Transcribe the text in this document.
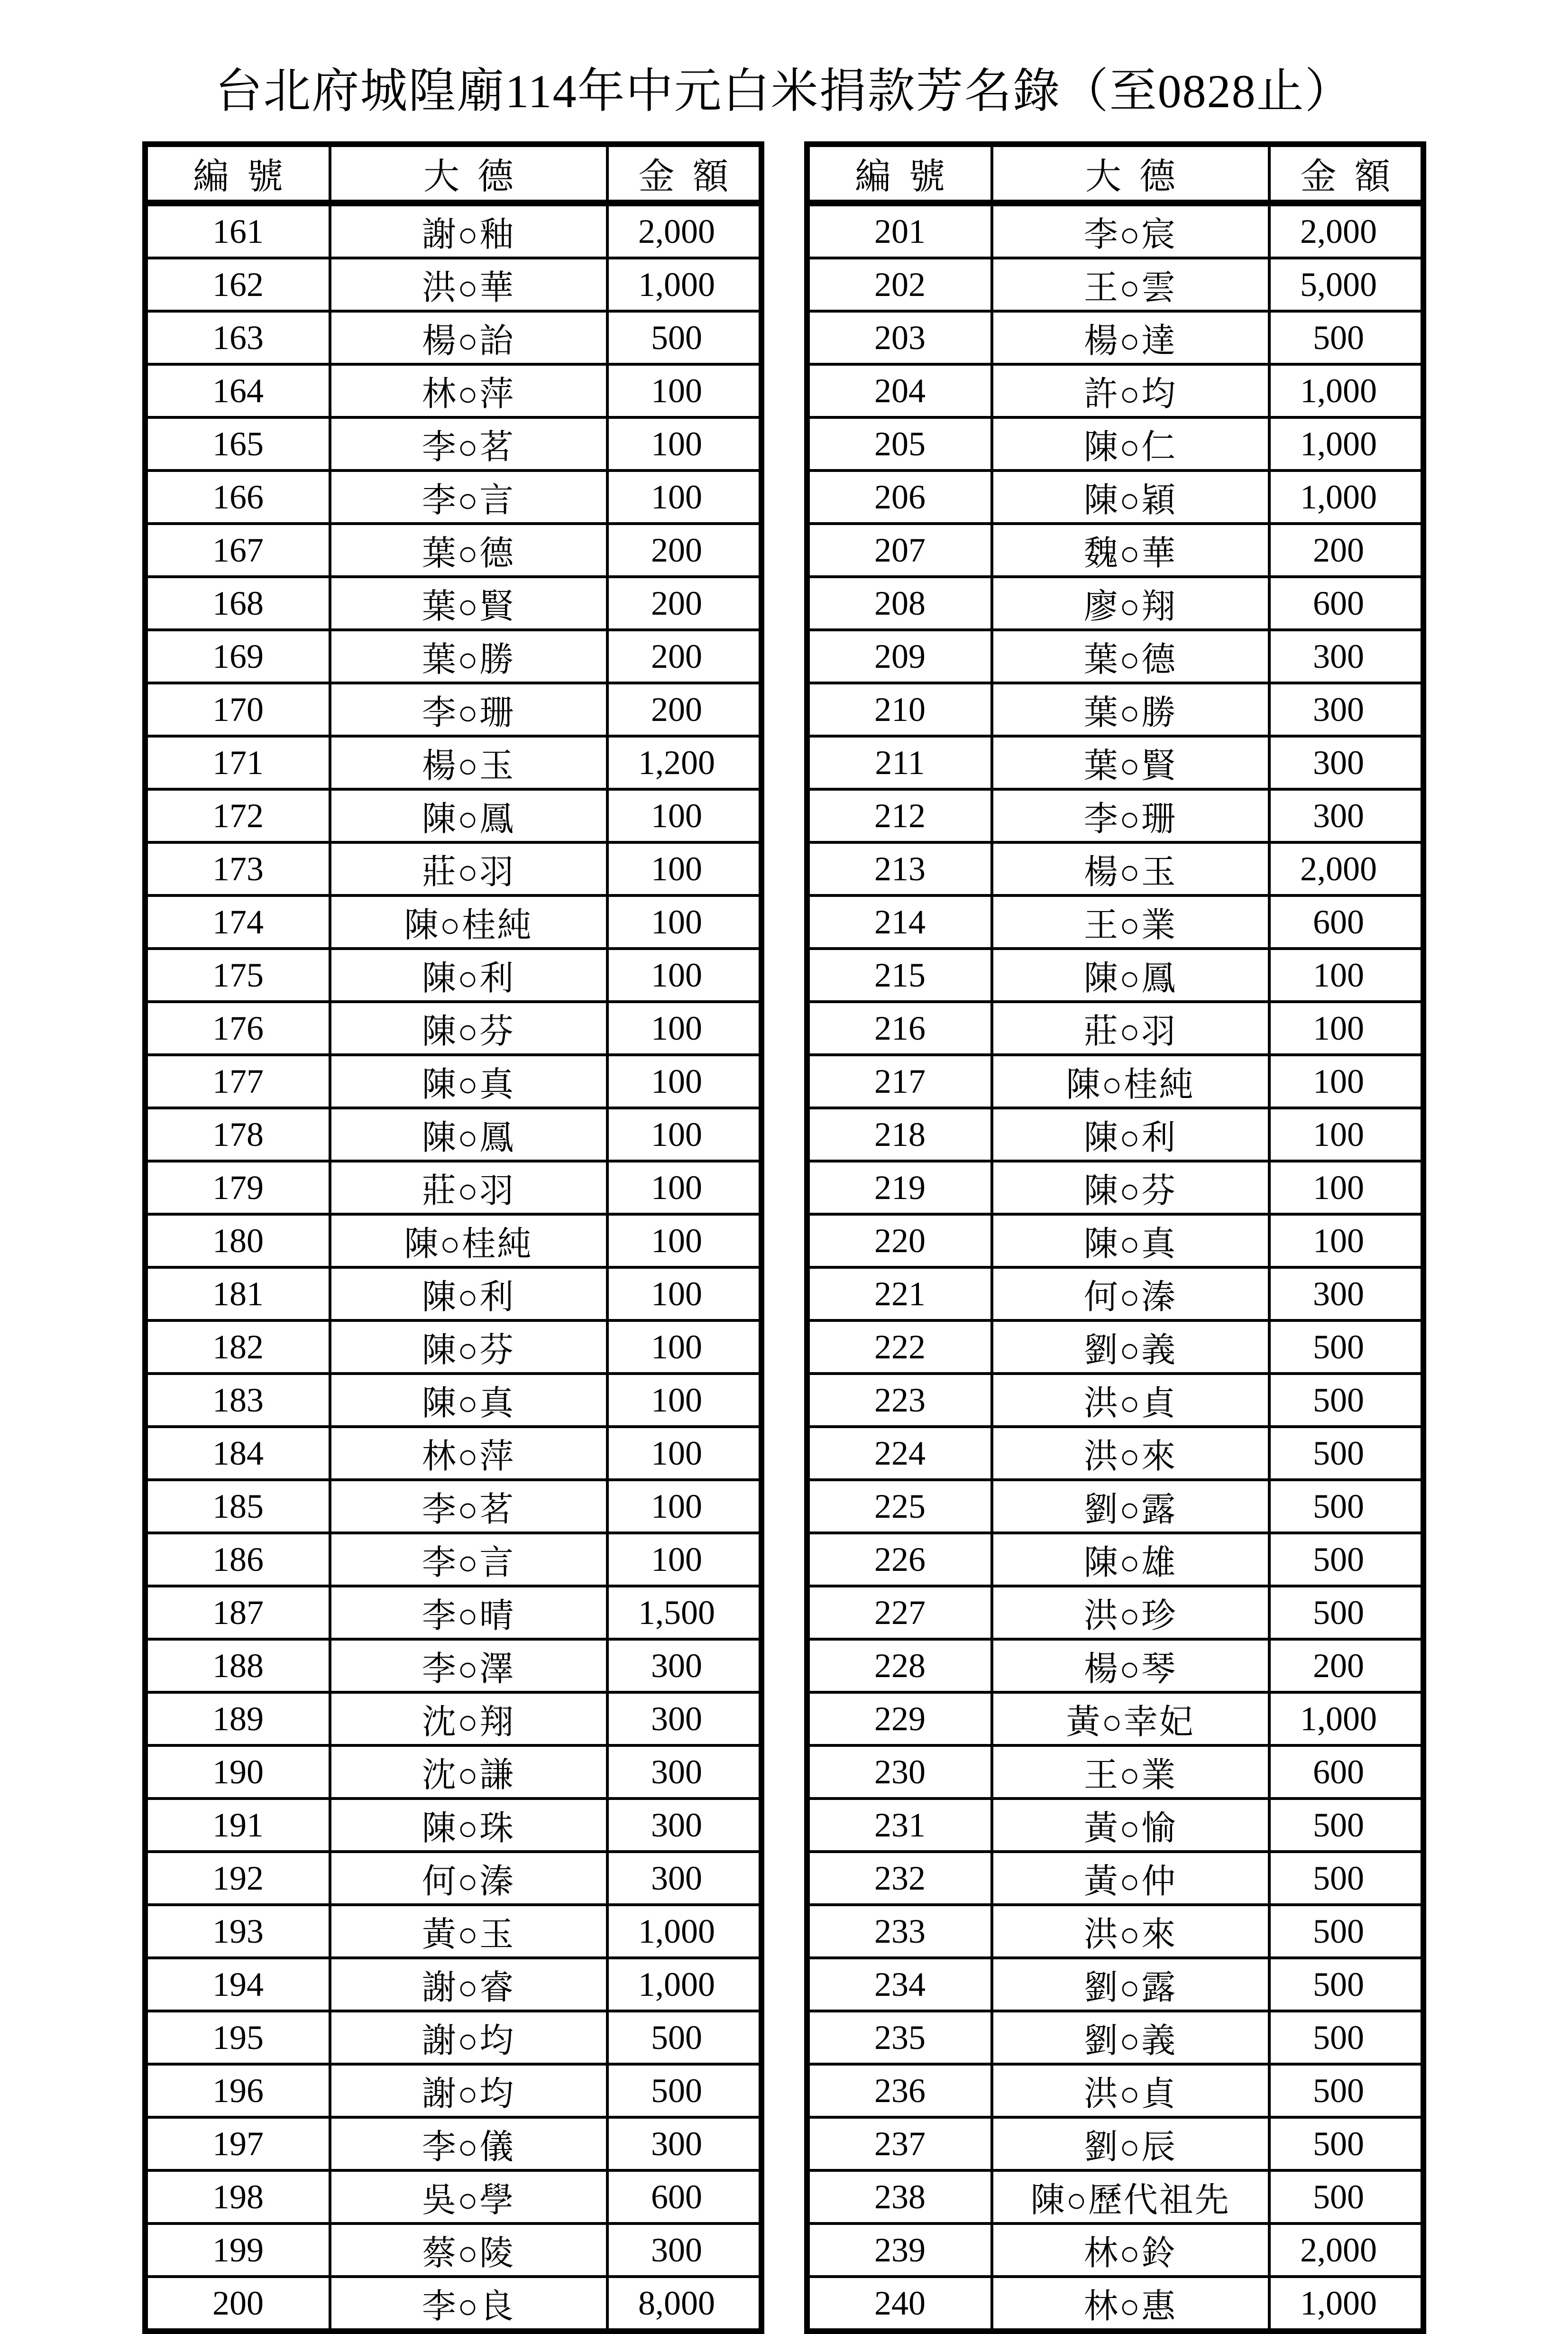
台北府城隍廟114年中元白米捐款芳名錄（至0828止）
編號	大德	金額
161	謝○釉	2,000
162	洪○華	1,000
163	楊○詒	500
164	林○萍	100
165	李○茗	100
166	李○言	100
167	葉○德	200
168	葉○賢	200
169	葉○勝	200
170	李○珊	200
171	楊○玉	1,200
172	陳○鳳	100
173	莊○羽	100
174	陳○桂純	100
175	陳○利	100
176	陳○芬	100
177	陳○真	100
178	陳○鳳	100
179	莊○羽	100
180	陳○桂純	100
181	陳○利	100
182	陳○芬	100
183	陳○真	100
184	林○萍	100
185	李○茗	100
186	李○言	100
187	李○晴	1,500
188	李○澤	300
189	沈○翔	300
190	沈○謙	300
191	陳○珠	300
192	何○溱	300
193	黃○玉	1,000
194	謝○睿	1,000
195	謝○均	500
196	謝○均	500
197	李○儀	300
198	吳○學	600
199	蔡○陵	300
200	李○良	8,000
編號	大德	金額
201	李○宸	2,000
202	王○雲	5,000
203	楊○達	500
204	許○均	1,000
205	陳○仁	1,000
206	陳○穎	1,000
207	魏○華	200
208	廖○翔	600
209	葉○德	300
210	葉○勝	300
211	葉○賢	300
212	李○珊	300
213	楊○玉	2,000
214	王○業	600
215	陳○鳳	100
216	莊○羽	100
217	陳○桂純	100
218	陳○利	100
219	陳○芬	100
220	陳○真	100
221	何○溱	300
222	劉○義	500
223	洪○貞	500
224	洪○來	500
225	劉○露	500
226	陳○雄	500
227	洪○珍	500
228	楊○琴	200
229	黃○幸妃	1,000
230	王○業	600
231	黃○愉	500
232	黃○仲	500
233	洪○來	500
234	劉○露	500
235	劉○義	500
236	洪○貞	500
237	劉○辰	500
238	陳○歷代祖先	500
239	林○鈴	2,000
240	林○惠	1,000
